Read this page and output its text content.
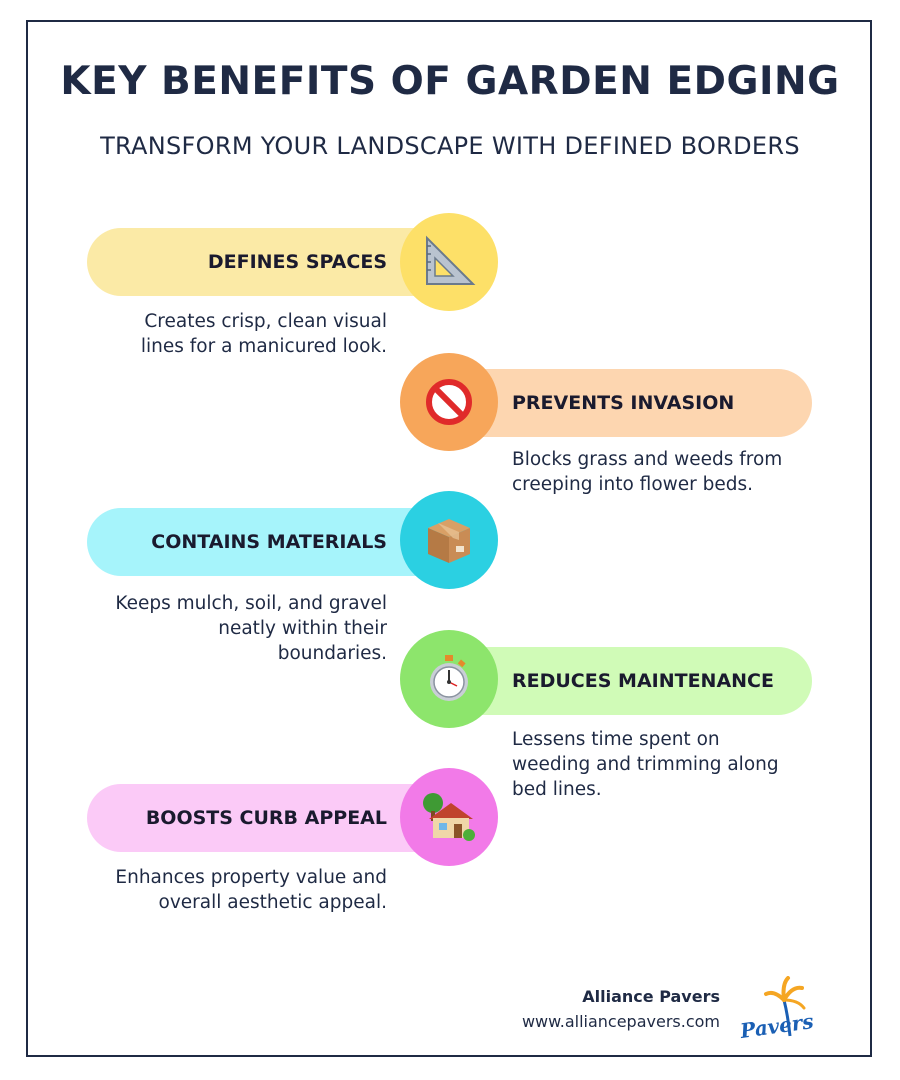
KEY BENEFITS OF GARDEN EDGING
TRANSFORM YOUR LANDSCAPE WITH DEFINED BORDERS
DEFINES SPACES
Creates crisp, clean visual lines for a manicured look.
PREVENTS INVASION
Blocks grass and weeds from creeping into flower beds.
CONTAINS MATERIALS
Keeps mulch, soil, and gravel neatly within their boundaries.
REDUCES MAINTENANCE
Lessens time spent on weeding and trimming along bed lines.
BOOSTS CURB APPEAL
Enhances property value and overall aesthetic appeal.
Alliance Pavers
www.alliancepavers.com Pavers
